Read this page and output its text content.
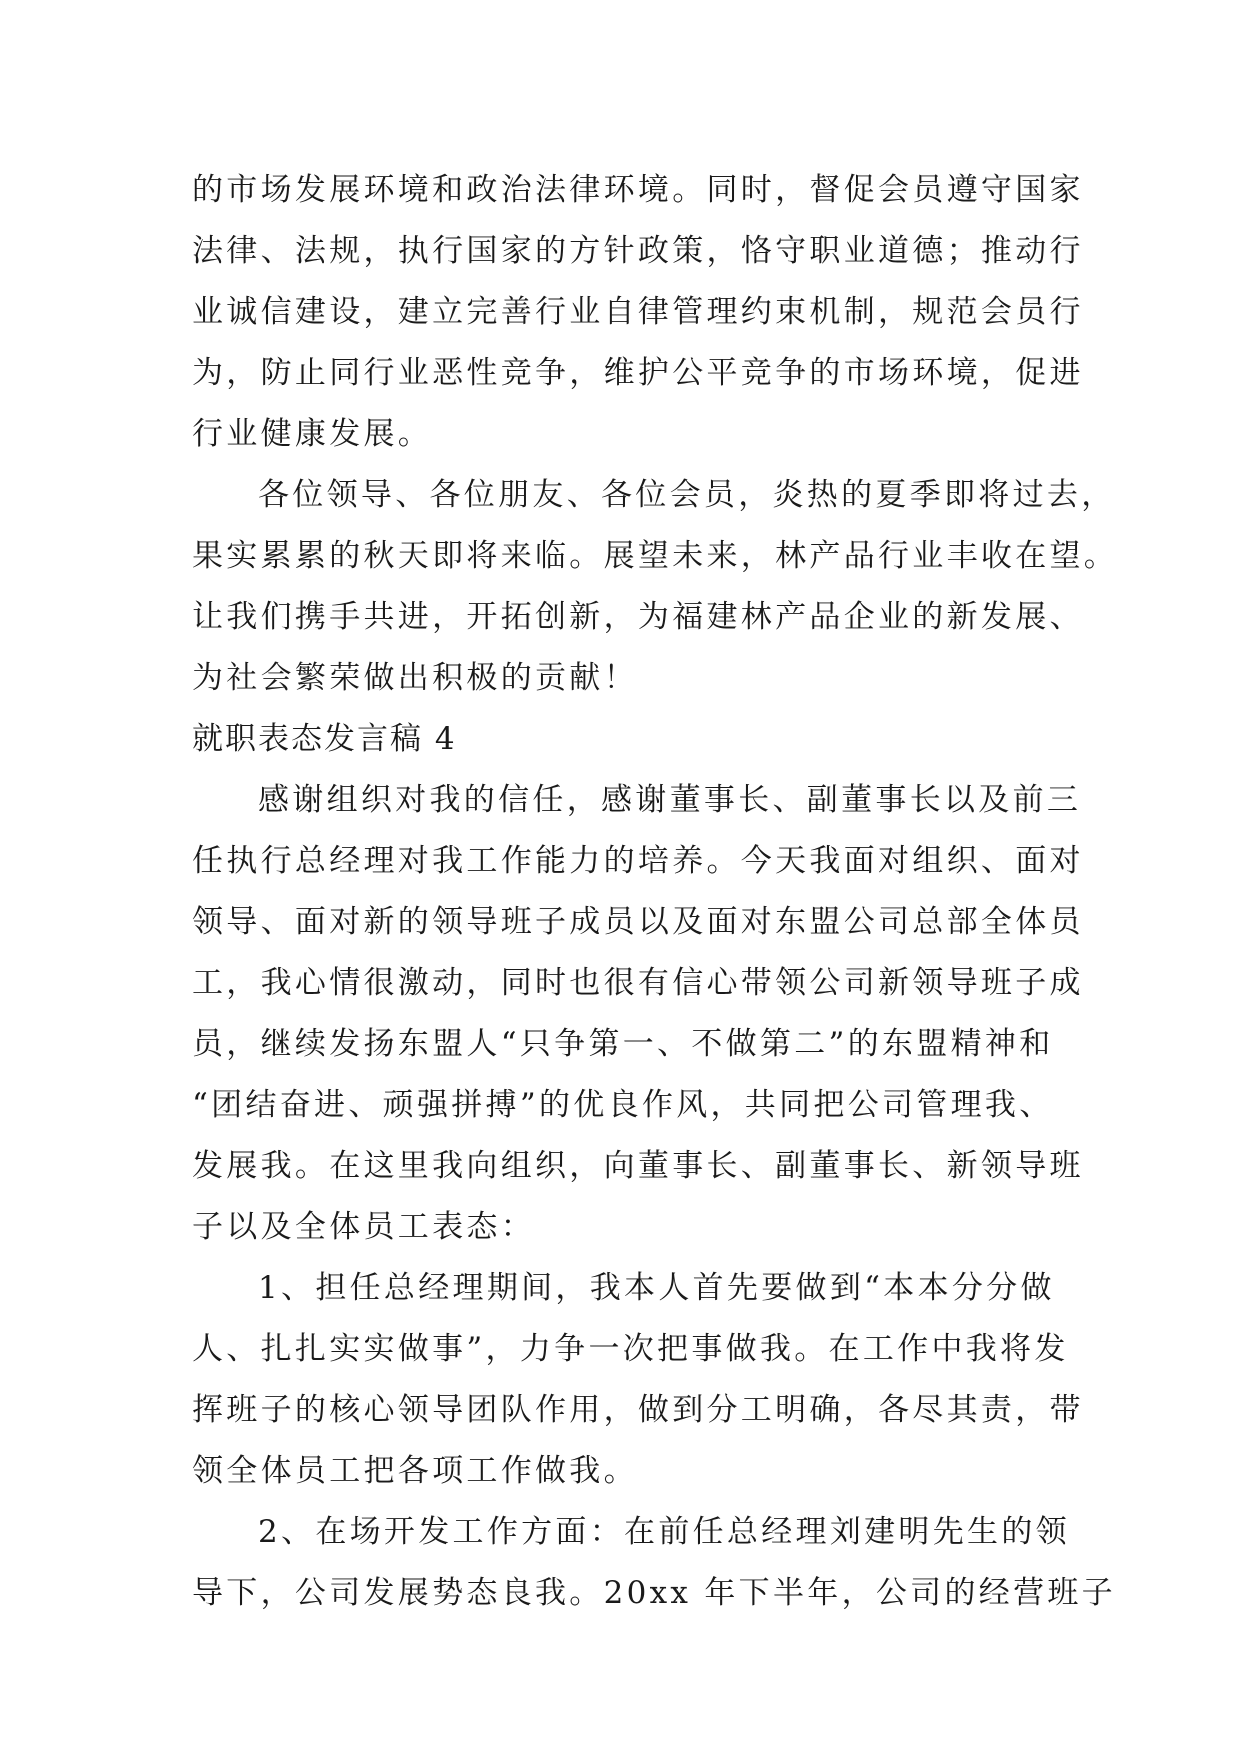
的市场发展环境和政治法律环境。同时，督促会员遵守国家

法律、法规，执行国家的方针政策，恪守职业道德；推动行

业诚信建设，建立完善行业自律管理约束机制，规范会员行

为，防止同行业恶性竞争，维护公平竞争的市场环境，促进

行业健康发展。

各位领导、各位朋友、各位会员，炎热的夏季即将过去，

果实累累的秋天即将来临。展望未来，林产品行业丰收在望。

让我们携手共进，开拓创新，为福建林产品企业的新发展、

为社会繁荣做出积极的贡献！

就职表态发言稿 4

感谢组织对我的信任，感谢董事长、副董事长以及前三

任执行总经理对我工作能力的培养。今天我面对组织、面对

领导、面对新的领导班子成员以及面对东盟公司总部全体员

工，我心情很激动，同时也很有信心带领公司新领导班子成

员，继续发扬东盟人“只争第一、不做第二”的东盟精神和

“团结奋进、顽强拼搏”的优良作风，共同把公司管理我、

发展我。在这里我向组织，向董事长、副董事长、新领导班

子以及全体员工表态：

1、担任总经理期间，我本人首先要做到“本本分分做

人、扎扎实实做事”，力争一次把事做我。在工作中我将发

挥班子的核心领导团队作用，做到分工明确，各尽其责，带

领全体员工把各项工作做我。

2、在场开发工作方面：在前任总经理刘建明先生的领

导下，公司发展势态良我。20xx 年下半年，公司的经营班子
